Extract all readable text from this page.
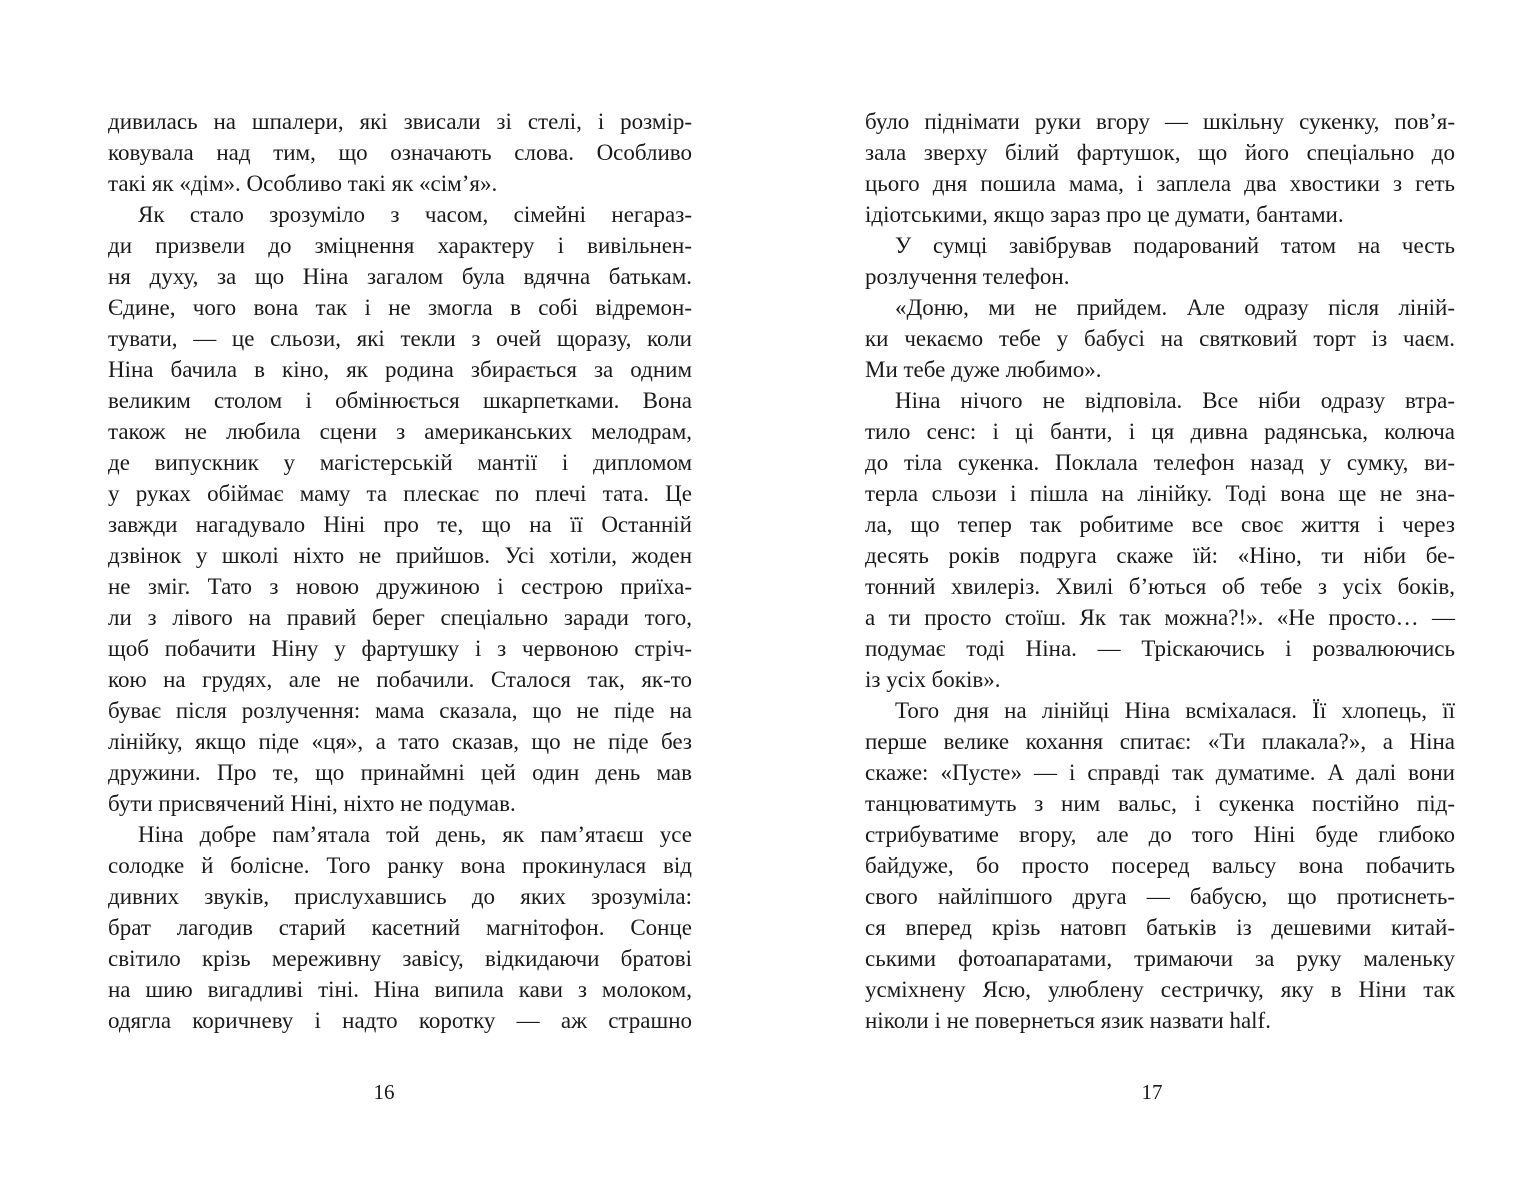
дивилась на шпалери, які звисали зі стелі, і розмір-
ковувала над тим, що означають слова. Особливо
такі як «дім». Особливо такі як «сім’я».
Як стало зрозуміло з часом, сімейні негараз-
ди призвели до зміцнення характеру і вивільнен-
ня духу, за що Ніна загалом була вдячна батькам.
Єдине, чого вона так і не змогла в собі відремон-
тувати, — це сльози, які текли з очей щоразу, коли
Ніна бачила в кіно, як родина збирається за одним
великим столом і обмінюється шкарпетками. Вона
також не любила сцени з американських мелодрам,
де випускник у магістерській мантії і дипломом
у руках обіймає маму та плескає по плечі тата. Це
завжди нагадувало Ніні про те, що на її Останній
дзвінок у школі ніхто не прийшов. Усі хотіли, жоден
не зміг. Тато з новою дружиною і сестрою приїха-
ли з лівого на правий берег спеціально заради того,
щоб побачити Ніну у фартушку і з червоною стріч-
кою на грудях, але не побачили. Сталося так, як-то
буває після розлучення: мама сказала, що не піде на
лінійку, якщо піде «ця», а тато сказав, що не піде без
дружини. Про те, що принаймні цей один день мав
бути присвячений Ніні, ніхто не подумав.
Ніна добре пам’ятала той день, як пам’ятаєш усе
солодке й болісне. Того ранку вона прокинулася від
дивних звуків, прислухавшись до яких зрозуміла:
брат лагодив старий касетний магнітофон. Сонце
світило крізь мереживну завісу, відкидаючи братові
на шию вигадливі тіні. Ніна випила кави з молоком,
одягла коричневу і надто коротку — аж страшно
16
було піднімати руки вгору — шкільну сукенку, пов’я-
зала зверху білий фартушок, що його спеціально до
цього дня пошила мама, і заплела два хвостики з геть
ідіотськими, якщо зараз про це думати, бантами.
У сумці завібрував подарований татом на честь
розлучення телефон.
«Доню, ми не прийдем. Але одразу після ліній-
ки чекаємо тебе у бабусі на святковий торт із чаєм.
Ми тебе дуже любимо».
Ніна нічого не відповіла. Все ніби одразу втра-
тило сенс: і ці банти, і ця дивна радянська, колюча
до тіла сукенка. Поклала телефон назад у сумку, ви-
терла сльози і пішла на лінійку. Тоді вона ще не зна-
ла, що тепер так робитиме все своє життя і через
десять років подруга скаже їй: «Ніно, ти ніби бе-
тонний хвилеріз. Хвилі б’ються об тебе з усіх боків,
а ти просто стоїш. Як так можна?!». «Не просто… —
подумає тоді Ніна. — Тріскаючись і розвалюючись
із усіх боків».
Того дня на лінійці Ніна всміхалася. Її хлопець, її
перше велике кохання спитає: «Ти плакала?», а Ніна
скаже: «Пусте» — і справді так думатиме. А далі вони
танцюватимуть з ним вальс, і сукенка постійно під-
стрибуватиме вгору, але до того Ніні буде глибоко
байдуже, бо просто посеред вальсу вона побачить
свого найліпшого друга — бабусю, що протиснеть-
ся вперед крізь натовп батьків із дешевими китай-
ськими фотоапаратами, тримаючи за руку маленьку
усміхнену Ясю, улюблену сестричку, яку в Ніни так
ніколи і не повернеться язик назвати half.
17
